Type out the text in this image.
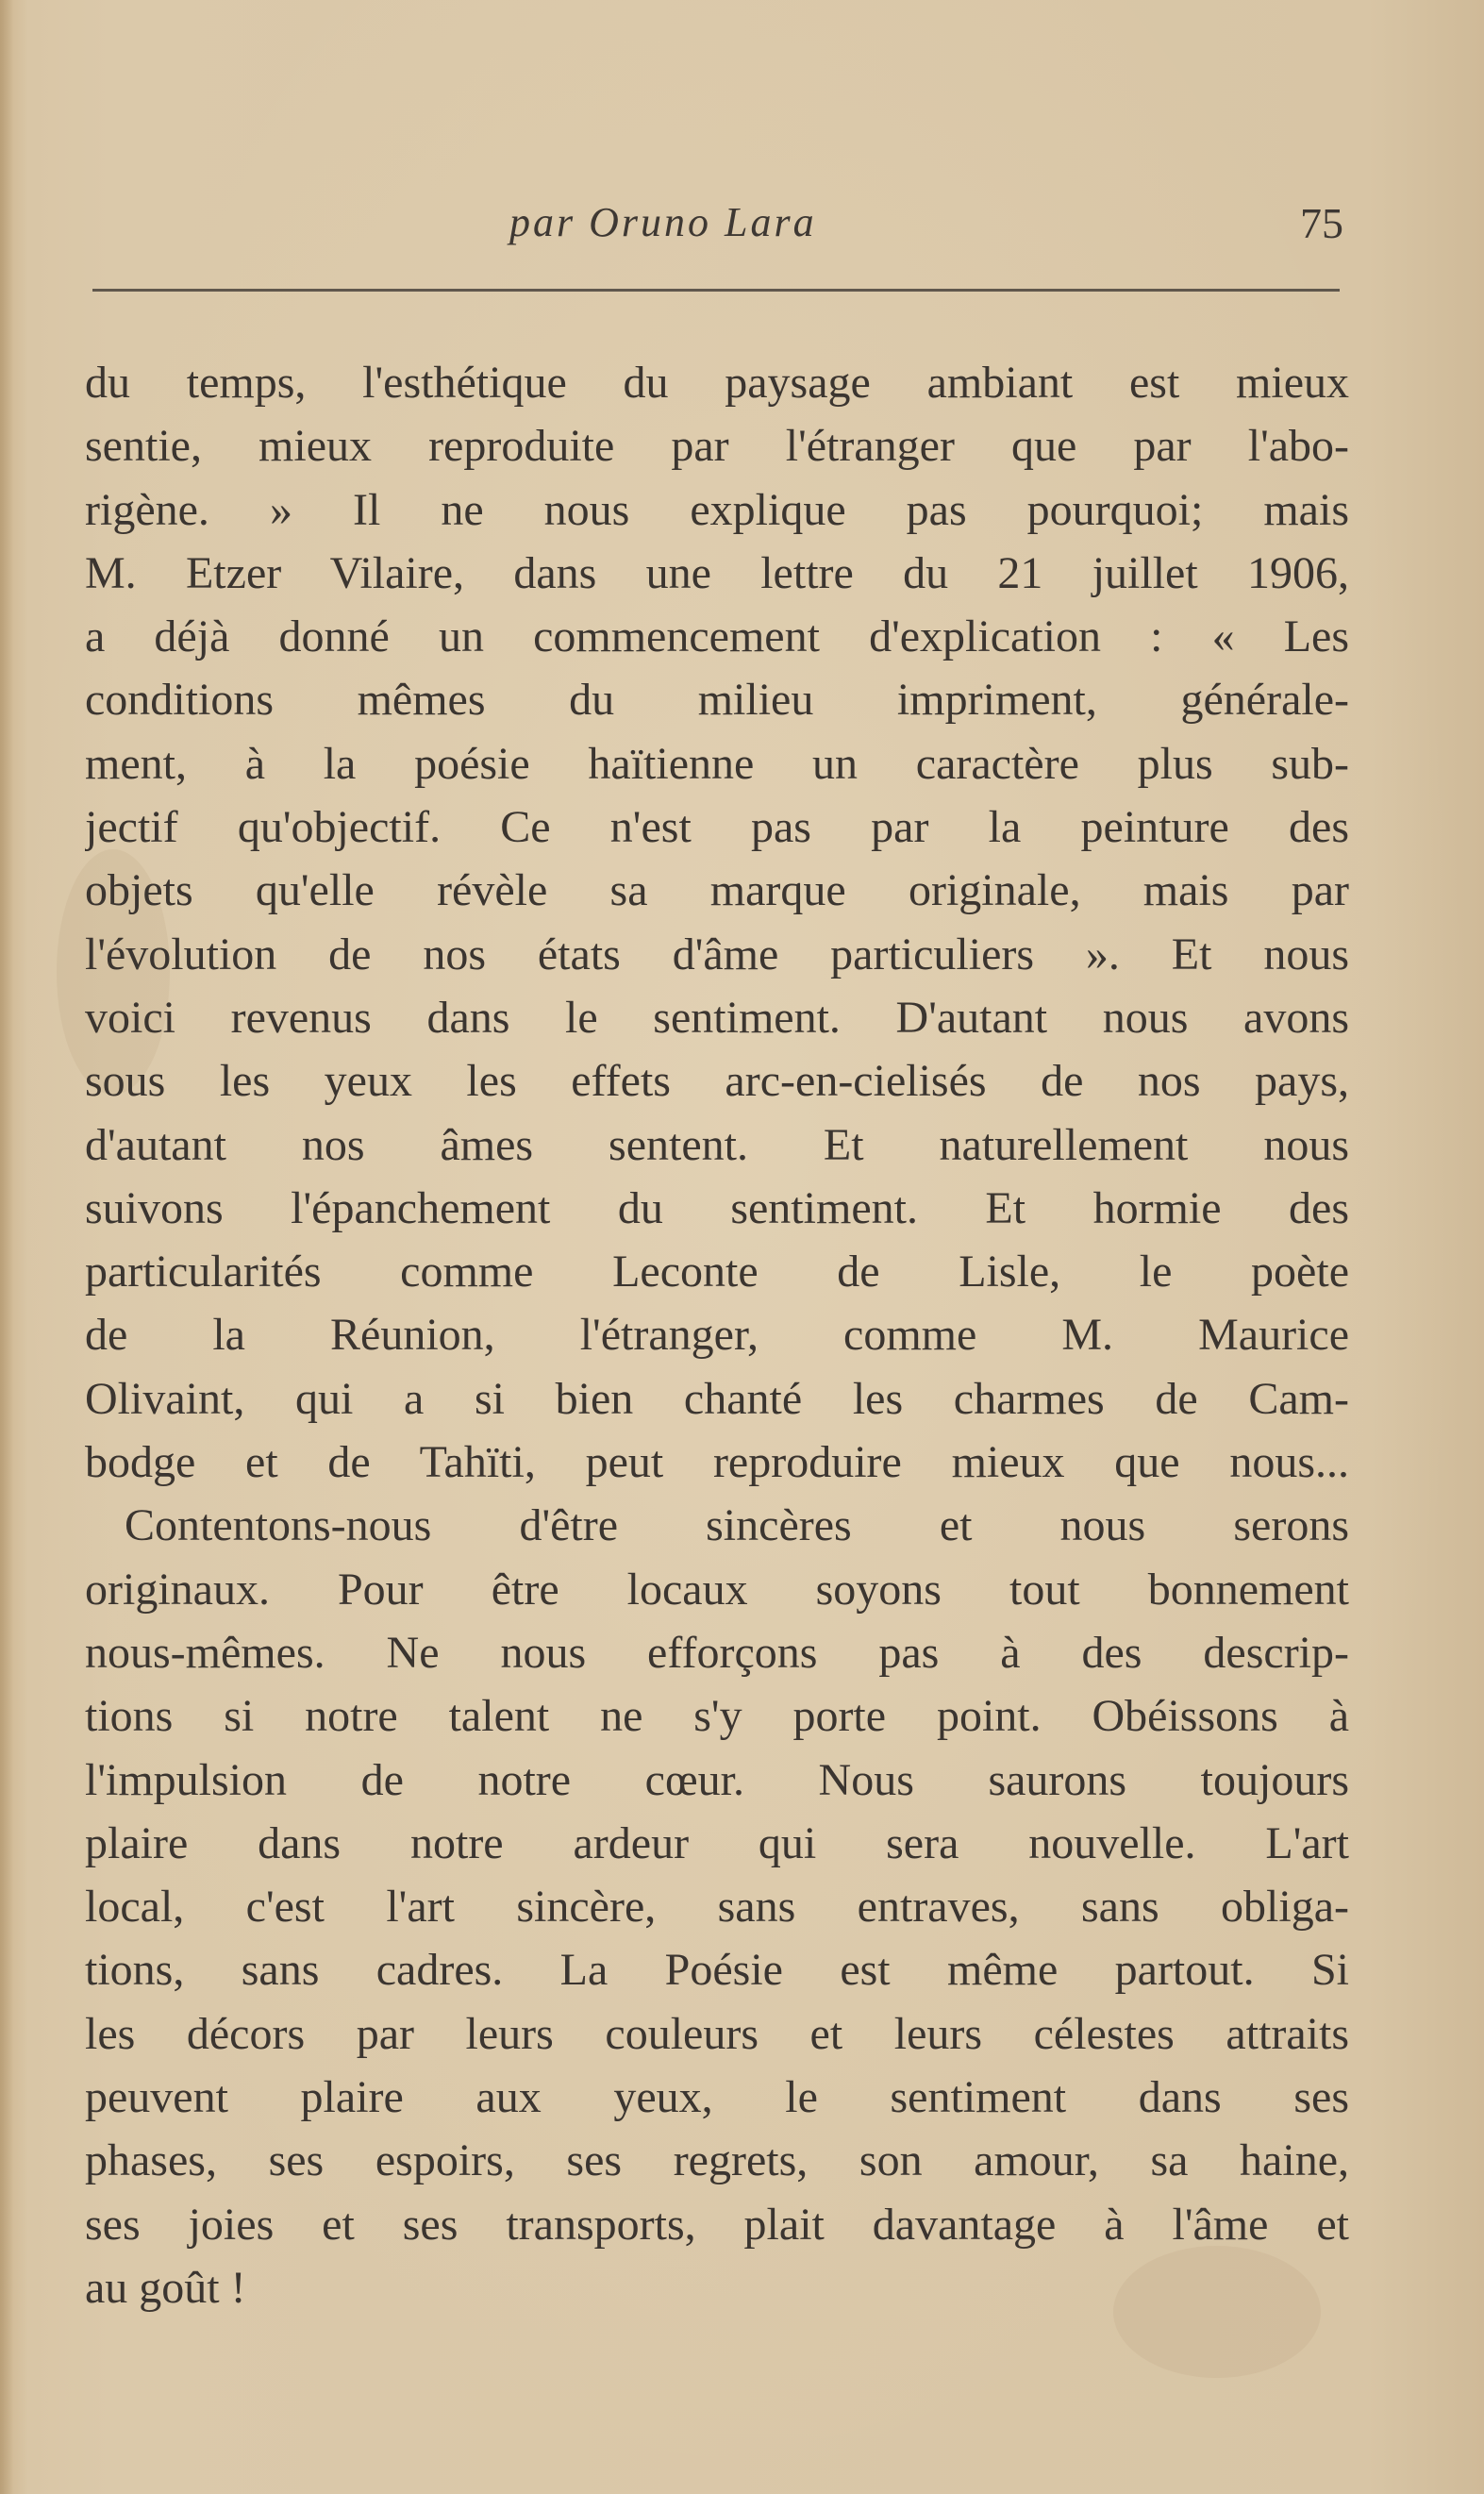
par Oruno Lara	75
du temps, l'esthétique du paysage ambiant est mieux
sentie, mieux reproduite par l'étranger que par l'abo-
rigène. » Il ne nous explique pas pourquoi; mais
M. Etzer Vilaire, dans une lettre du 21 juillet 1906,
a déjà donné un commencement d'explication : « Les
conditions mêmes du milieu impriment, générale-
ment, à la poésie haïtienne un caractère plus sub-
jectif qu'objectif. Ce n'est pas par la peinture des
objets qu'elle révèle sa marque originale, mais par
l'évolution de nos états d'âme particuliers ». Et nous
voici revenus dans le sentiment. D'autant nous avons
sous les yeux les effets arc-en-cielisés de nos pays,
d'autant nos âmes sentent. Et naturellement nous
suivons l'épanchement du sentiment. Et hormie des
particularités comme Leconte de Lisle, le poète
de la Réunion, l'étranger, comme M. Maurice
Olivaint, qui a si bien chanté les charmes de Cam-
bodge et de Tahïti, peut reproduire mieux que nous...
Contentons-nous d'être sincères et nous serons
originaux. Pour être locaux soyons tout bonnement
nous-mêmes. Ne nous efforçons pas à des descrip-
tions si notre talent ne s'y porte point. Obéissons à
l'impulsion de notre cœur. Nous saurons toujours
plaire dans notre ardeur qui sera nouvelle. L'art
local, c'est l'art sincère, sans entraves, sans obliga-
tions, sans cadres. La Poésie est même partout. Si
les décors par leurs couleurs et leurs célestes attraits
peuvent plaire aux yeux, le sentiment dans ses
phases, ses espoirs, ses regrets, son amour, sa haine,
ses joies et ses transports, plait davantage à l'âme et
au goût !
